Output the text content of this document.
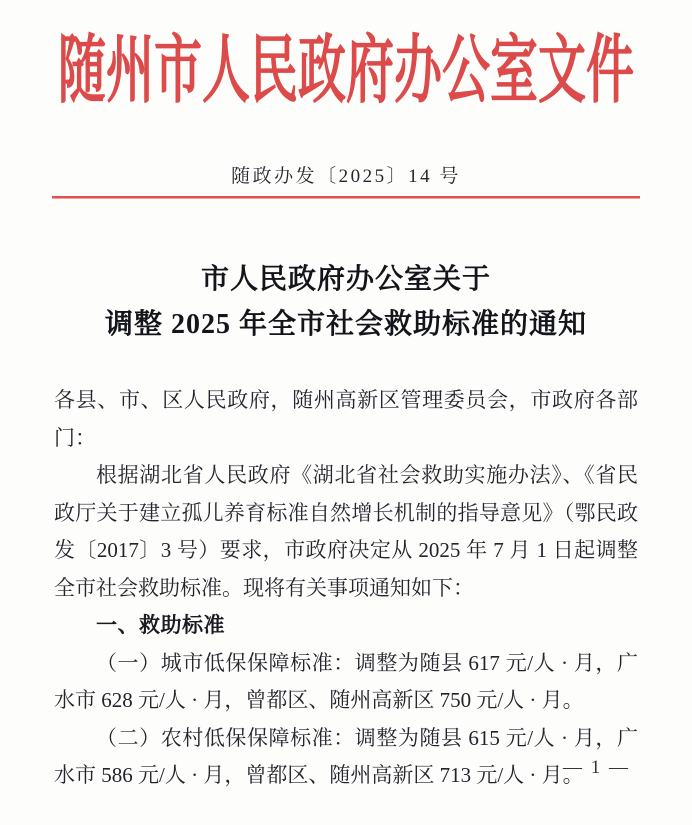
随州市人民政府办公室文件
随政办发〔2025〕14 号
市人民政府办公室关于
调整 2025 年全市社会救助标准的通知

各县、市、区人民政府，随州高新区管理委员会，市政府各部门：

根据湖北省人民政府《湖北省社会救助实施办法》、《省民政厅关于建立孤儿养育标准自然增长机制的指导意见》（鄂民政发〔2017〕3 号）要求，市政府决定从 2025 年 7 月 1 日起调整全市社会救助标准。现将有关事项通知如下：

一、救助标准

（一）城市低保保障标准：调整为随县 617 元/人 · 月，广水市 628 元/人 · 月，曾都区、随州高新区 750 元/人 · 月。

（二）农村低保保障标准：调整为随县 615 元/人 · 月，广水市 586 元/人 · 月，曾都区、随州高新区 713 元/人 · 月。

— 1 —
